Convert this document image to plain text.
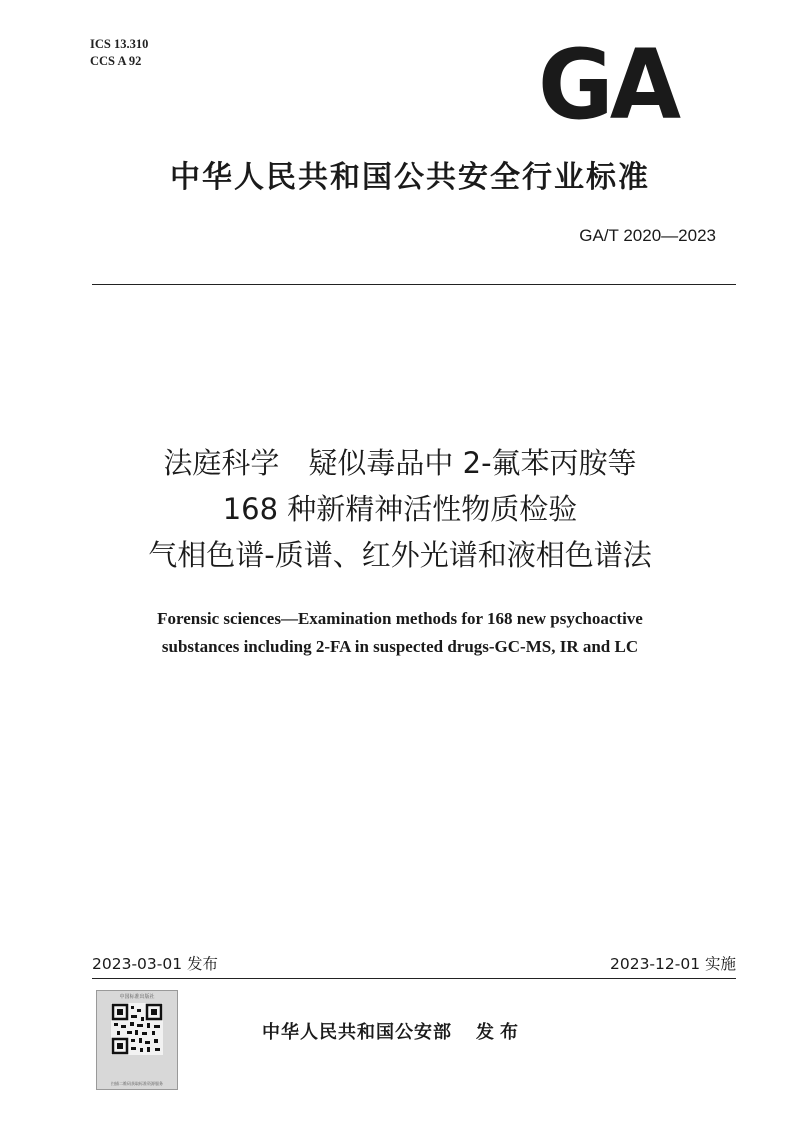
ICS 13.310
CCS A 92	GA
中华人民共和国公共安全行业标准
GA/T 2020—2023
法庭科学　疑似毒品中 2-氟苯丙胺等
168 种新精神活性物质检验
气相色谱-质谱、红外光谱和液相色谱法
Forensic sciences—Examination methods for 168 new psychoactive
substances including 2-FA in suspected drugs-GC-MS, IR and LC
2023-03-01 发布	2023-12-01 实施
中国标准出版社
扫描二维码获取标准资源服务
中华人民共和国公安部 发布
